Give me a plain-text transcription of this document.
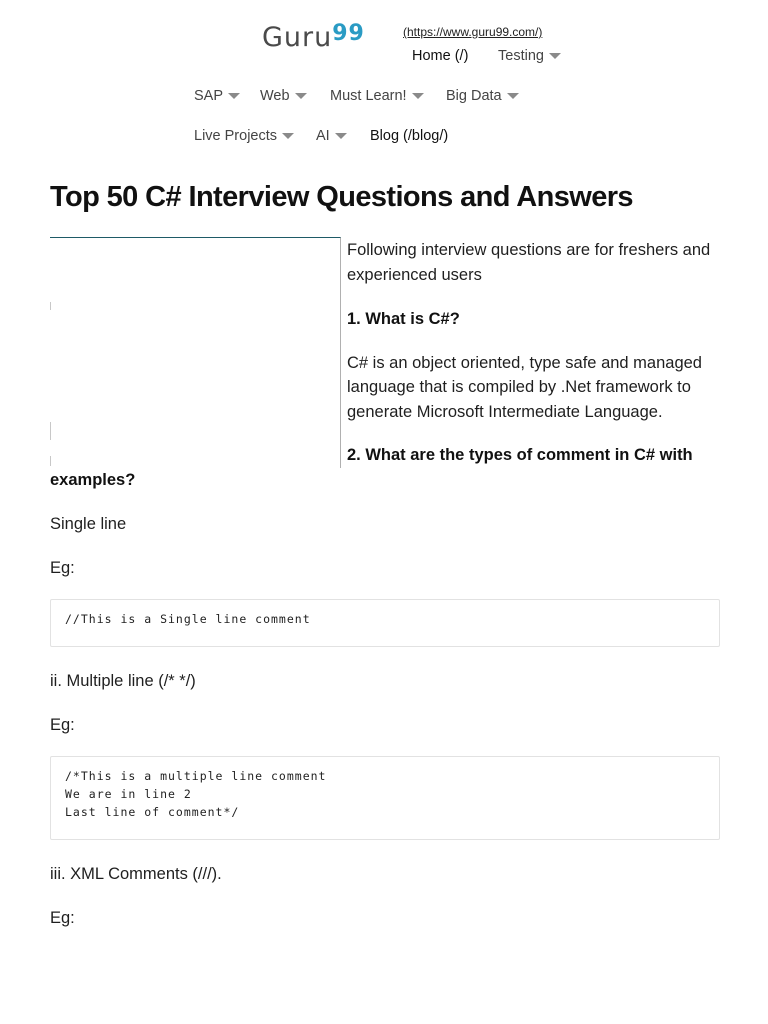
Guru$^{99}$	(https://www.guru99.com/)
Home (/) Testing
SAP	Web	Must Learn!	Big Data
Live Projects	AI	Blog (/blog/)
Top 50 C# Interview Questions and Answers

Following interview questions are for freshers and

experienced users

1. What is C#?

C# is an object oriented, type safe and managed

language that is compiled by .Net framework to

generate Microsoft Intermediate Language.

2. What are the types of comment in C# with

examples?

Single line

Eg:

//This is a Single line comment

ii. Multiple line (/* */)

Eg:

/*This is a multiple line comment
We are in line 2
Last line of comment*/

iii. XML Comments (///).

Eg:
